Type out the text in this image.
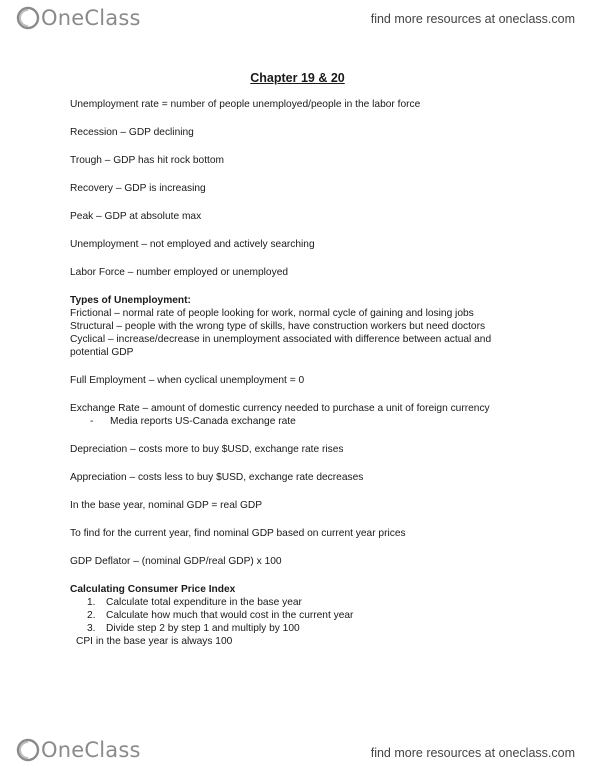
OneClass	find more resources at oneclass.com
Chapter 19 & 20
Unemployment rate = number of people unemployed/people in the labor force
Recession – GDP declining
Trough – GDP has hit rock bottom
Recovery – GDP is increasing
Peak – GDP at absolute max
Unemployment – not employed and actively searching
Labor Force – number employed or unemployed
Types of Unemployment:
Frictional – normal rate of people looking for work, normal cycle of gaining and losing jobs
Structural – people with the wrong type of skills, have construction workers but need doctors
Cyclical – increase/decrease in unemployment associated with difference between actual and
potential GDP
Full Employment – when cyclical unemployment = 0
Exchange Rate – amount of domestic currency needed to purchase a unit of foreign currency
- Media reports US-Canada exchange rate
Depreciation – costs more to buy $USD, exchange rate rises
Appreciation – costs less to buy $USD, exchange rate decreases
In the base year, nominal GDP = real GDP
To find for the current year, find nominal GDP based on current year prices
GDP Deflator – (nominal GDP/real GDP) x 100
Calculating Consumer Price Index
1. Calculate total expenditure in the base year
2. Calculate how much that would cost in the current year
3. Divide step 2 by step 1 and multiply by 100
CPI in the base year is always 100
OneClass	find more resources at oneclass.com
